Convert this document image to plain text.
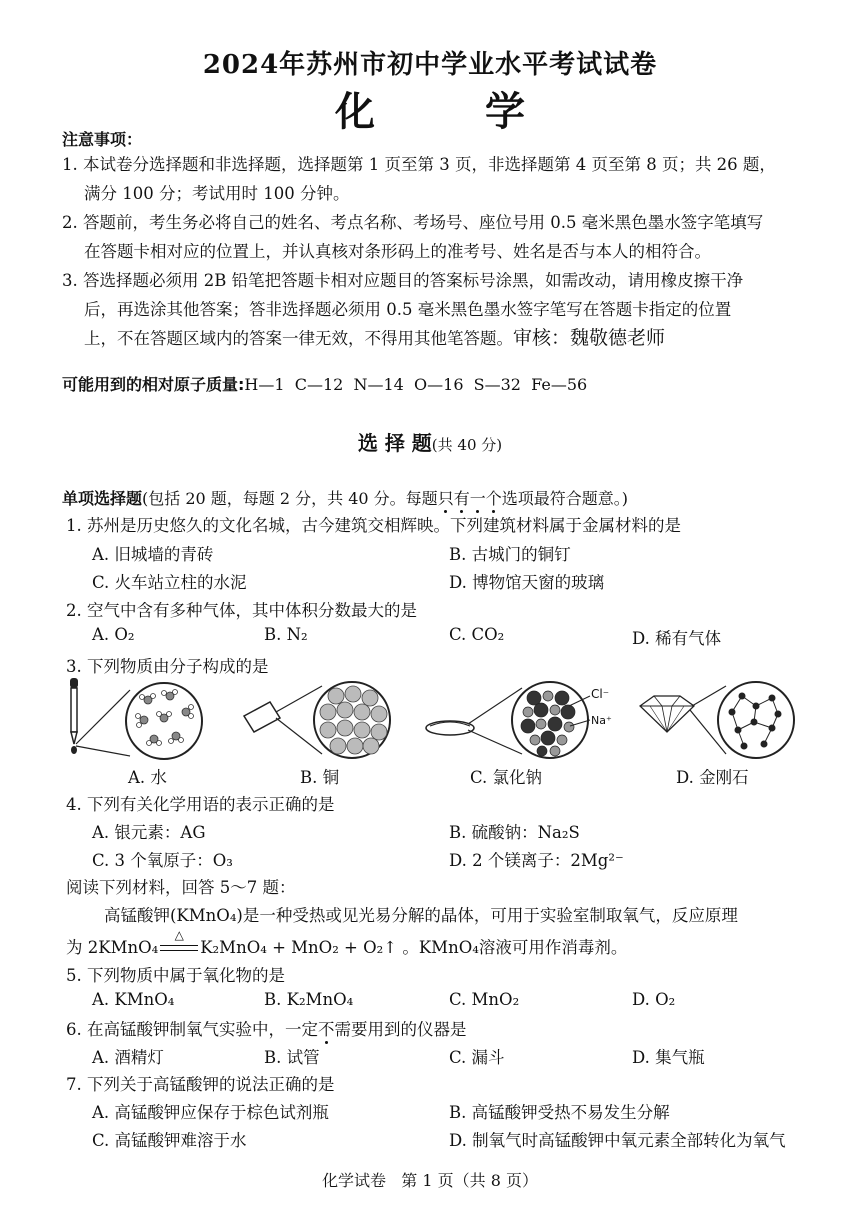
2024年苏州市初中学业水平考试试卷
化学
注意事项：
1. 本试卷分选择题和非选择题，选择题第 1 页至第 3 页，非选择题第 4 页至第 8 页；共 26 题，
满分 100 分；考试用时 100 分钟。
2. 答题前，考生务必将自己的姓名、考点名称、考场号、座位号用 0.5 毫米黑色墨水签字笔填写
在答题卡相对应的位置上，并认真核对条形码上的准考号、姓名是否与本人的相符合。
3. 答选择题必须用 2B 铅笔把答题卡相对应题目的答案标号涂黑，如需改动，请用橡皮擦干净
后，再选涂其他答案；答非选择题必须用 0.5 毫米黑色墨水签字笔写在答题卡指定的位置
上，不在答题区域内的答案一律无效，不得用其他笔答题。审核：魏敬德老师
可能用到的相对原子质量:H—1  C—12  N—14  O—16  S—32  Fe—56
选 择 题(共 40 分)
单项选择题(包括 20 题，每题 2 分，共 40 分。每题只有一个选项最符合题意。)
1. 苏州是历史悠久的文化名城，古今建筑交相辉映。下列建筑材料属于金属材料的是
A. 旧城墙的青砖	B. 古城门的铜钉
C. 火车站立柱的水泥	D. 博物馆天窗的玻璃
2. 空气中含有多种气体，其中体积分数最大的是
A. O₂	B. N₂	C. CO₂	D. 稀有气体
3. 下列物质由分子构成的是
Cl⁻
Na⁺
A. 水	B. 铜	C. 氯化钠	D. 金刚石
4. 下列有关化学用语的表示正确的是
A. 银元素：AG	B. 硫酸钠：Na₂S
C. 3 个氧原子：O₃	D. 2 个镁离子：2Mg²⁻
阅读下列材料，回答 5～7 题：
高锰酸钾(KMnO₄)是一种受热或见光易分解的晶体，可用于实验室制取氧气，反应原理
为 2KMnO₄
△
K₂MnO₄ + MnO₂ + O₂↑ 。KMnO₄溶液可用作消毒剂。
5. 下列物质中属于氧化物的是
A. KMnO₄	B. K₂MnO₄	C. MnO₂	D. O₂
6. 在高锰酸钾制氧气实验中，一定不需要用到的仪器是
A. 酒精灯	B. 试管	C. 漏斗	D. 集气瓶
7. 下列关于高锰酸钾的说法正确的是
A. 高锰酸钾应保存于棕色试剂瓶	B. 高锰酸钾受热不易发生分解
C. 高锰酸钾难溶于水	D. 制氧气时高锰酸钾中氧元素全部转化为氧气
化学试卷   第 1 页（共 8 页）
